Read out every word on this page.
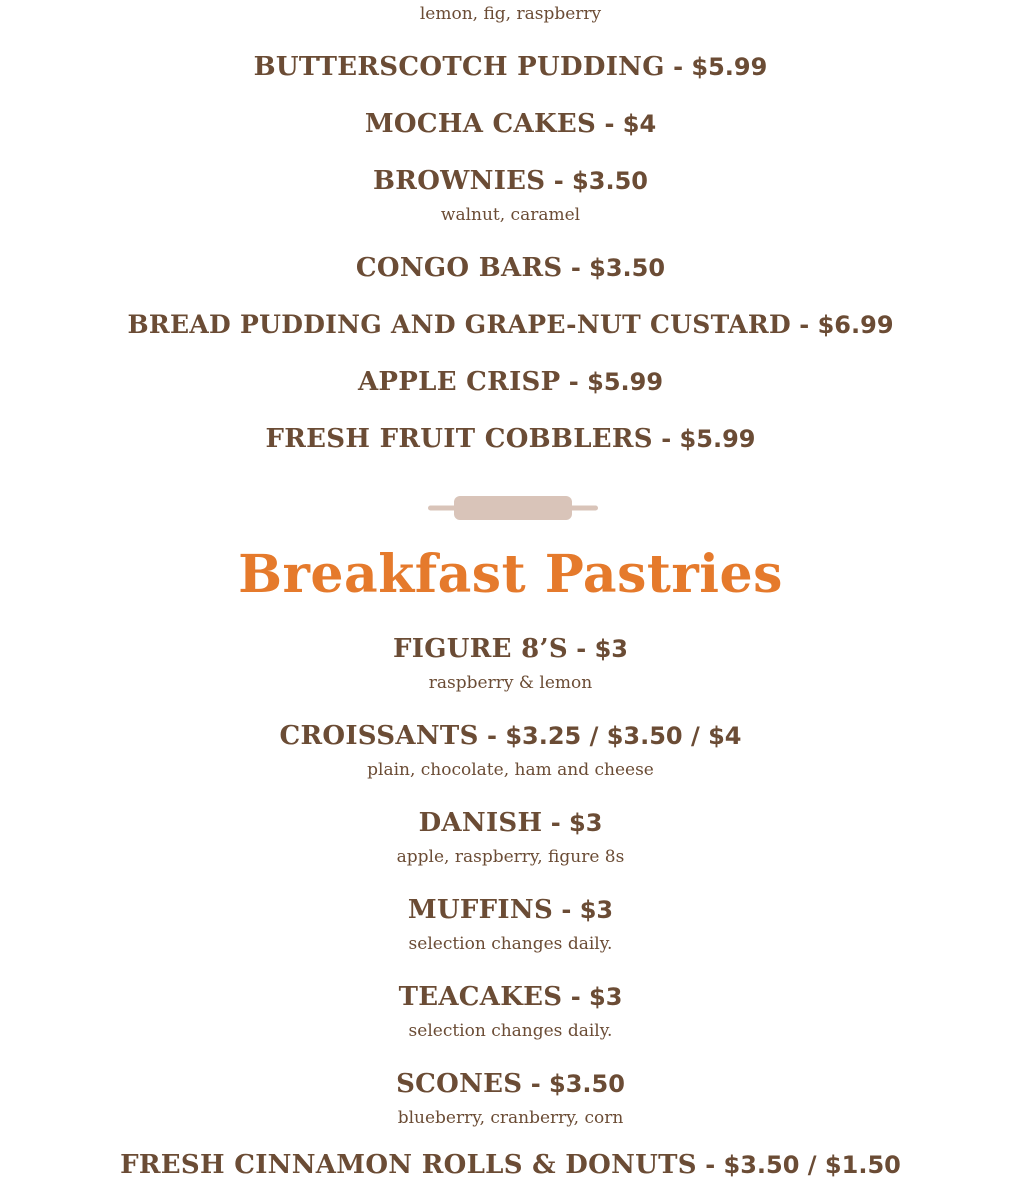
lemon, fig, raspberry
BUTTERSCOTCH PUDDING - $5.99
MOCHA CAKES - $4
BROWNIES - $3.50
walnut, caramel
CONGO BARS - $3.50
BREAD PUDDING AND GRAPE-NUT CUSTARD - $6.99
APPLE CRISP - $5.99
FRESH FRUIT COBBLERS - $5.99
Breakfast Pastries
FIGURE 8’S - $3
raspberry & lemon
CROISSANTS - $3.25 / $3.50 / $4
plain, chocolate, ham and cheese
DANISH - $3
apple, raspberry, figure 8s
MUFFINS - $3
selection changes daily.
TEACAKES - $3
selection changes daily.
SCONES - $3.50
blueberry, cranberry, corn
FRESH CINNAMON ROLLS & DONUTS - $3.50 / $1.50
